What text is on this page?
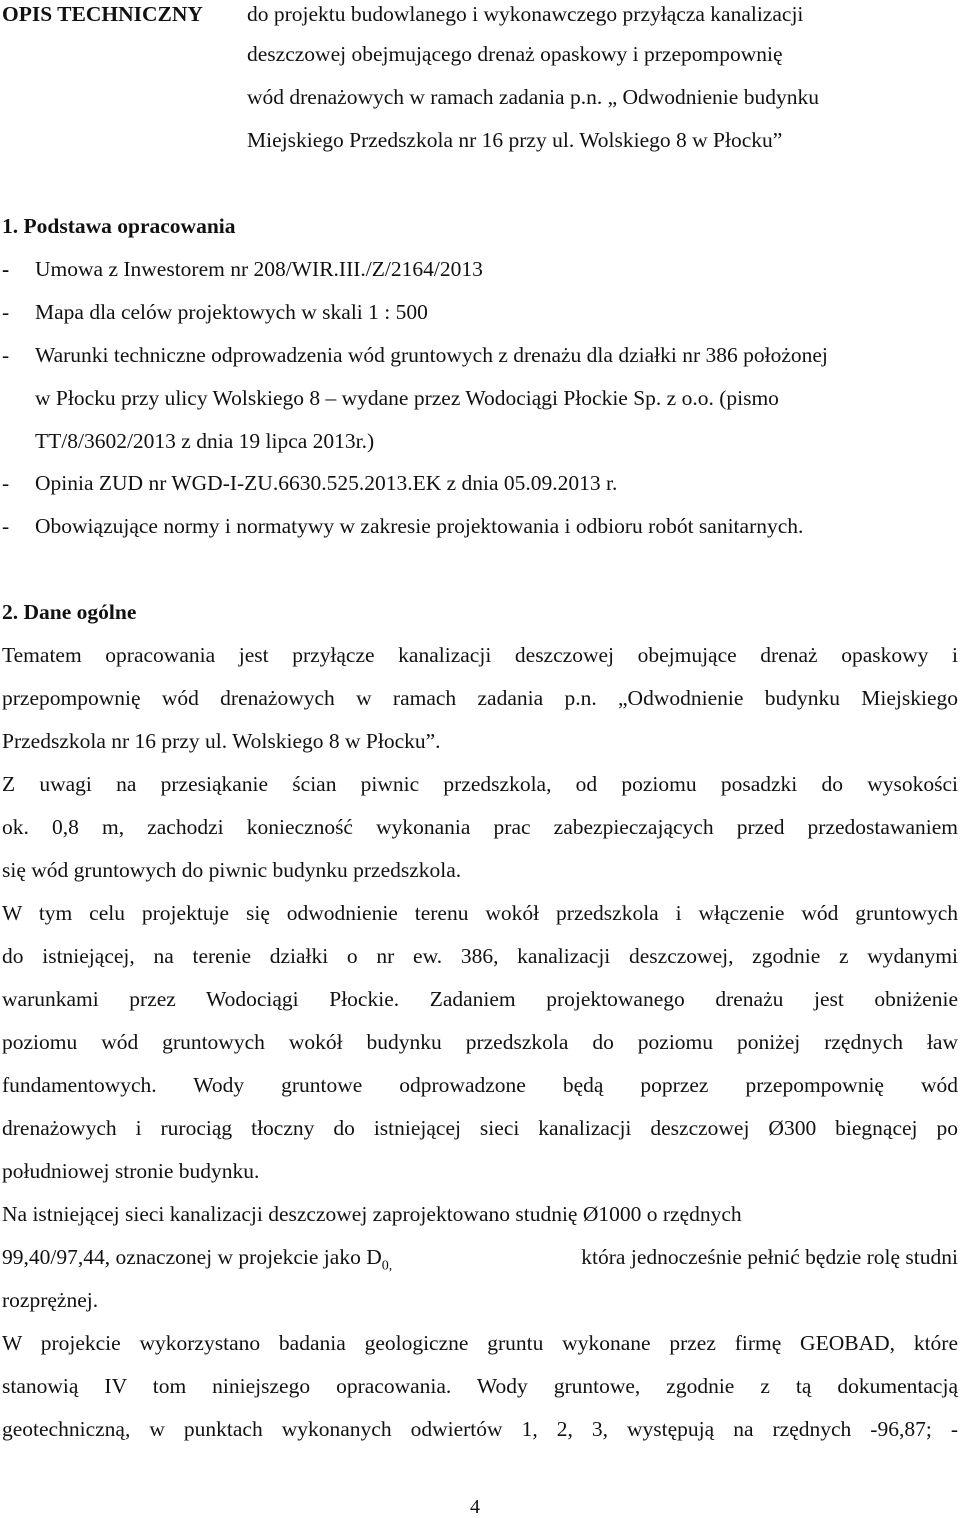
OPIS TECHNICZNY do projektu budowlanego i wykonawczego przyłącza kanalizacji
deszczowej obejmującego drenaż opaskowy i przepompownię
wód drenażowych w ramach zadania p.n. „ Odwodnienie budynku
Miejskiego Przedszkola nr 16 przy ul. Wolskiego 8 w Płocku”
1. Podstawa opracowania
- Umowa z Inwestorem nr 208/WIR.III./Z/2164/2013
- Mapa dla celów projektowych w skali 1 : 500
- Warunki techniczne odprowadzenia wód gruntowych z drenażu dla działki nr 386 położonej
w Płocku przy ulicy Wolskiego 8 – wydane przez Wodociągi Płockie Sp. z o.o. (pismo
TT/8/3602/2013 z dnia 19 lipca 2013r.)
- Opinia ZUD nr WGD-I-ZU.6630.525.2013.EK z dnia 05.09.2013 r.
- Obowiązujące normy i normatywy w zakresie projektowania i odbioru robót sanitarnych.
2. Dane ogólne
Tematem opracowania jest przyłącze kanalizacji deszczowej obejmujące drenaż opaskowy i
przepompownię wód drenażowych w ramach zadania p.n. „Odwodnienie budynku Miejskiego
Przedszkola nr 16 przy ul. Wolskiego 8 w Płocku”.
Z uwagi na przesiąkanie ścian piwnic przedszkola, od poziomu posadzki do wysokości
ok. 0,8 m, zachodzi konieczność wykonania prac zabezpieczających przed przedostawaniem
się wód gruntowych do piwnic budynku przedszkola.
W tym celu projektuje się odwodnienie terenu wokół przedszkola i włączenie wód gruntowych
do istniejącej, na terenie działki o nr ew. 386, kanalizacji deszczowej, zgodnie z wydanymi
warunkami przez Wodociągi Płockie. Zadaniem projektowanego drenażu jest obniżenie
poziomu wód gruntowych wokół budynku przedszkola do poziomu poniżej rzędnych ław
fundamentowych. Wody gruntowe odprowadzone będą poprzez przepompownię wód
drenażowych i rurociąg tłoczny do istniejącej sieci kanalizacji deszczowej Ø300 biegnącej po
południowej stronie budynku.
Na istniejącej sieci kanalizacji deszczowej zaprojektowano studnię Ø1000 o rzędnych
99,40/97,44, oznaczonej w projekcie jako $D_{0,}$	która jednocześnie pełnić będzie rolę studni
rozprężnej.
W projekcie wykorzystano badania geologiczne gruntu wykonane przez firmę GEOBAD, które
stanowią IV tom niniejszego opracowania. Wody gruntowe, zgodnie z tą dokumentacją
geotechniczną, w punktach wykonanych odwiertów 1, 2, 3, występują na rzędnych -96,87; -
4
